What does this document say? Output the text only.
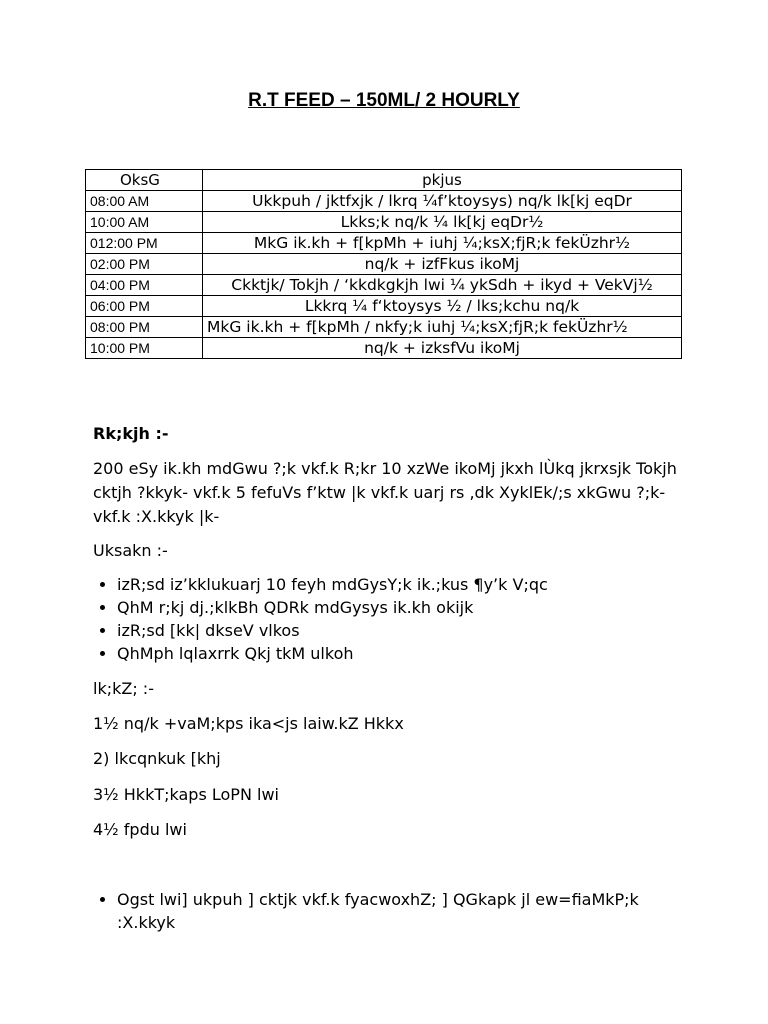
R.T FEED – 150ML/ 2 HOURLY
OksG	pkjus
08:00 AM	Ukkpuh / jktfxjk / lkrq ¼f’ktoysys) nq/k lk[kj eqDr
10:00 AM	Lkks;k nq/k ¼ lk[kj eqDr½
012:00 PM	MkG ik.kh + f[kpMh + iuhj ¼;ksX;fjR;k fekÜzhr½
02:00 PM	nq/k + izfFkus ikoMj
04:00 PM	Ckktjk/ Tokjh / ‘kkdkgkjh lwi ¼ ykSdh + ikyd + VekVj½
06:00 PM	Lkkrq ¼ f‘ktoysys ½ / lks;kchu nq/k
08:00 PM	MkG ik.kh + f[kpMh / nkfy;k iuhj ¼;ksX;fjR;k fekÜzhr½
10:00 PM	nq/k + izksfVu ikoMj
Rk;kjh :-
200 eSy ik.kh mdGwu ?;k vkf.k R;kr 10 xzWe ikoMj jkxh lÙkq jkrxsjk Tokjh cktjh ?kkyk- vkf.k 5 fefuVs f’ktw |k vkf.k uarj rs ,dk XyklEk/;s xkGwu ?;k- vkf.k :X.kkyk |k-
Uksakn :-
• izR;sd iz’kklukuarj 10 feyh mdGysY;k ik.;kus ¶y’k V;qc
• QhM r;kj dj.;klkBh QDRk mdGysys ik.kh okijk
• izR;sd [kk| dkseV vlkos
• QhMph lqlaxrrk Qkj tkM ulkoh
lk;kZ; :-
1½ nq/k +vaM;kps ika<js laiw.kZ Hkkx
2) lkcqnkuk [khj
3½ HkkT;kaps LoPN lwi
4½ fpdu lwi
• Ogst lwi] ukpuh ] cktjk vkf.k fyacwoxhZ; ] QGkapk jl ew=fiaMkP;k :X.kkyk
